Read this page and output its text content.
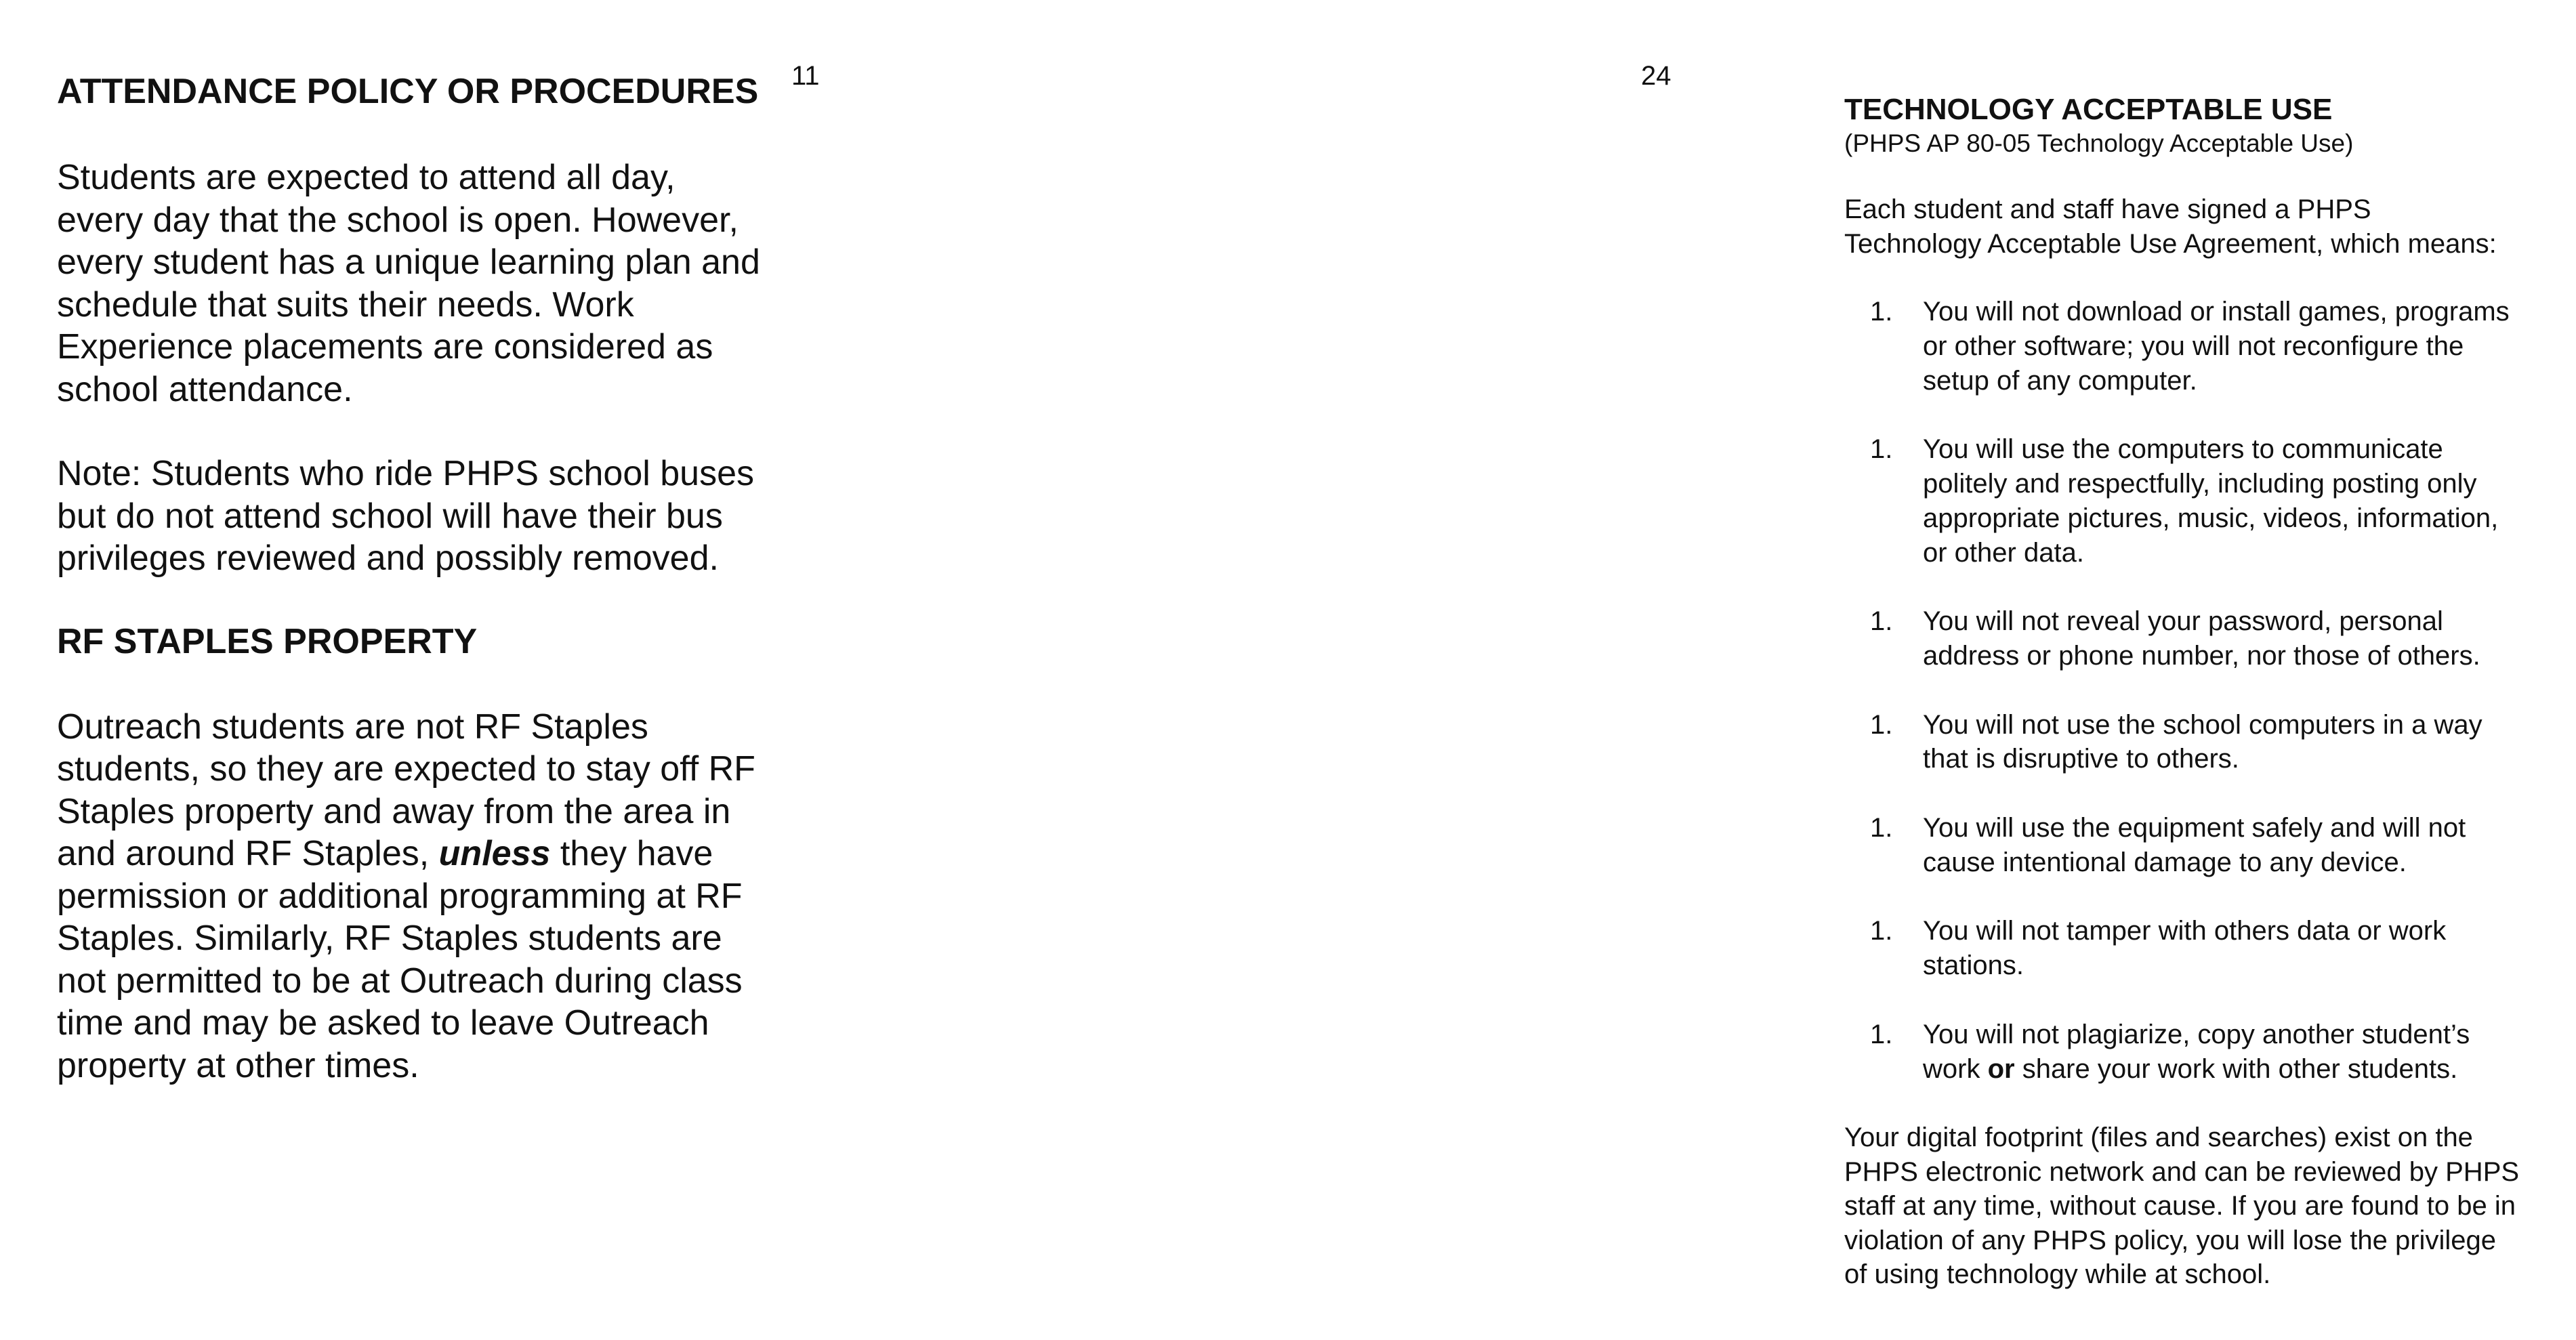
11
ATTENDANCE POLICY OR PROCEDURES

Students are expected to attend all day,
every day that the school is open. However,
every student has a unique learning plan and
schedule that suits their needs. Work
Experience placements are considered as
school attendance.

Note: Students who ride PHPS school buses
but do not attend school will have their bus
privileges reviewed and possibly removed.

RF STAPLES PROPERTY

Outreach students are not RF Staples
students, so they are expected to stay off RF
Staples property and away from the area in
and around RF Staples, unless they have
permission or additional programming at RF
Staples. Similarly, RF Staples students are
not permitted to be at Outreach during class
time and may be asked to leave Outreach
property at other times.

24
TECHNOLOGY ACCEPTABLE USE

(PHPS AP 80-05 Technology Acceptable Use)

Each student and staff have signed a PHPS
Technology Acceptable Use Agreement, which means:

1. You will not download or install games, programs
or other software; you will not reconfigure the
setup of any computer.
1. You will use the computers to communicate
politely and respectfully, including posting only
appropriate pictures, music, videos, information,
or other data.
1. You will not reveal your password, personal
address or phone number, nor those of others.
1. You will not use the school computers in a way
that is disruptive to others.
1. You will use the equipment safely and will not
cause intentional damage to any device.
1. You will not tamper with others data or work
stations.
1. You will not plagiarize, copy another student’s
work or share your work with other students.

Your digital footprint (files and searches) exist on the
PHPS electronic network and can be reviewed by PHPS
staff at any time, without cause. If you are found to be in
violation of any PHPS policy, you will lose the privilege
of using technology while at school.
